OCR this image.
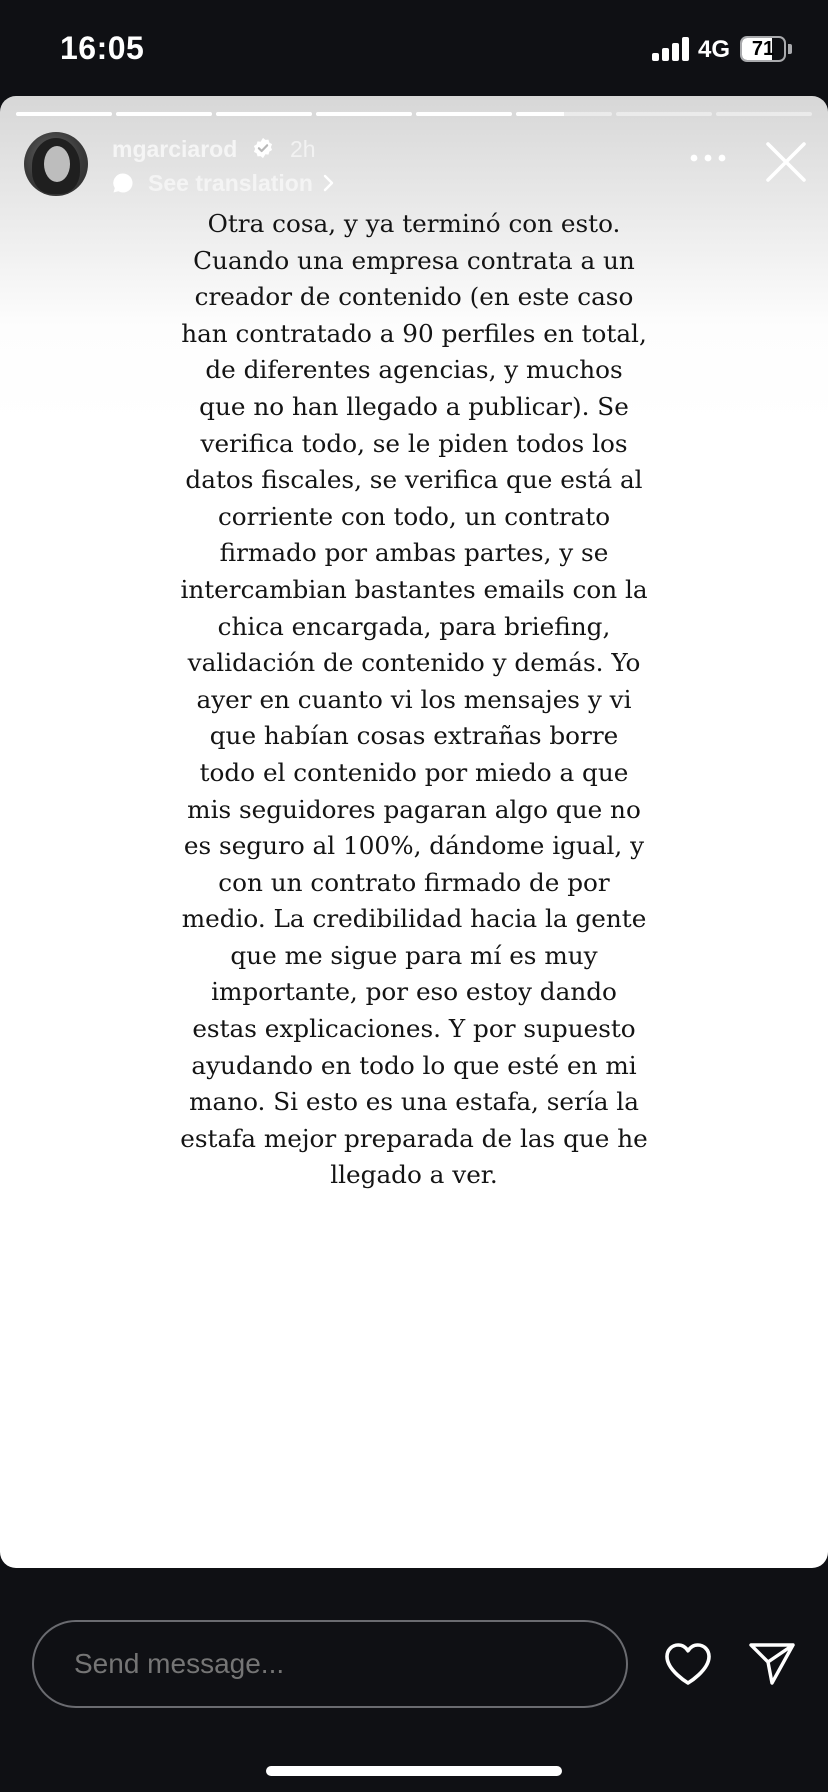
16:05	4G	71
mgarciarod 2h
See translation
Otra cosa, y ya terminó con esto. Cuando una empresa contrata a un creador de contenido (en este caso han contratado a 90 perfiles en total, de diferentes agencias, y muchos que no han llegado a publicar). Se verifica todo, se le piden todos los datos fiscales, se verifica que está al corriente con todo, un contrato firmado por ambas partes, y se intercambian bastantes emails con la chica encargada, para briefing, validación de contenido y demás. Yo ayer en cuanto vi los mensajes y vi que habían cosas extrañas borre todo el contenido por miedo a que mis seguidores pagaran algo que no es seguro al 100%, dándome igual, y con un contrato firmado de por medio. La credibilidad hacia la gente que me sigue para mí es muy importante, por eso estoy dando estas explicaciones. Y por supuesto ayudando en todo lo que esté en mi mano. Si esto es una estafa, sería la estafa mejor preparada de las que he llegado a ver.
Send message...
